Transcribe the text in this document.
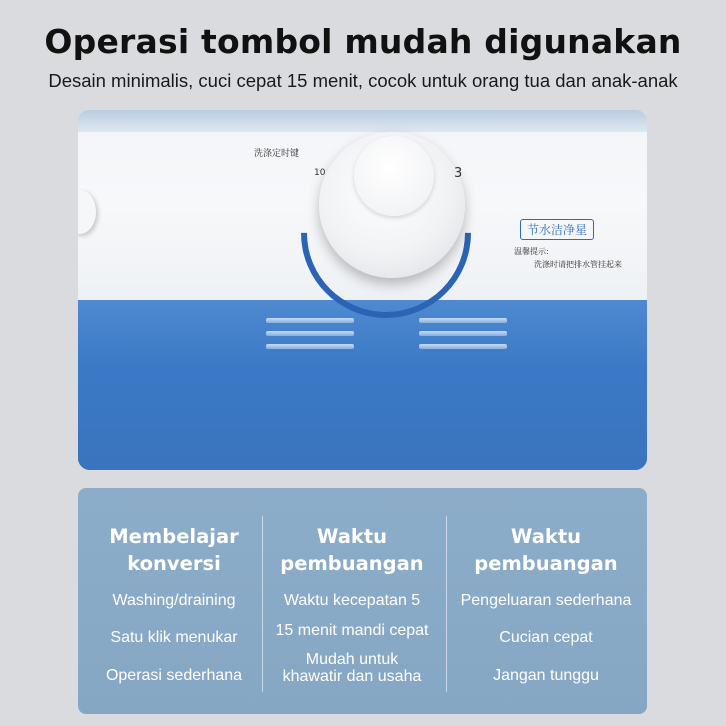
Operasi tombol mudah digunakan
Desain minimalis, cuci cepat 15 menit, cocok untuk orang tua dan anak-anak
洗涤定时键
10	3
节水洁净星
温馨提示:
洗涤时请把排水管挂起来
Membelajar
konversi
Washing/draining
Satu klik menukar
Operasi sederhana
Waktu
pembuangan
Waktu kecepatan 5
15 menit mandi cepat
Mudah untuk
khawatir dan usaha
Waktu
pembuangan
Pengeluaran sederhana
Cucian cepat
Jangan tunggu
